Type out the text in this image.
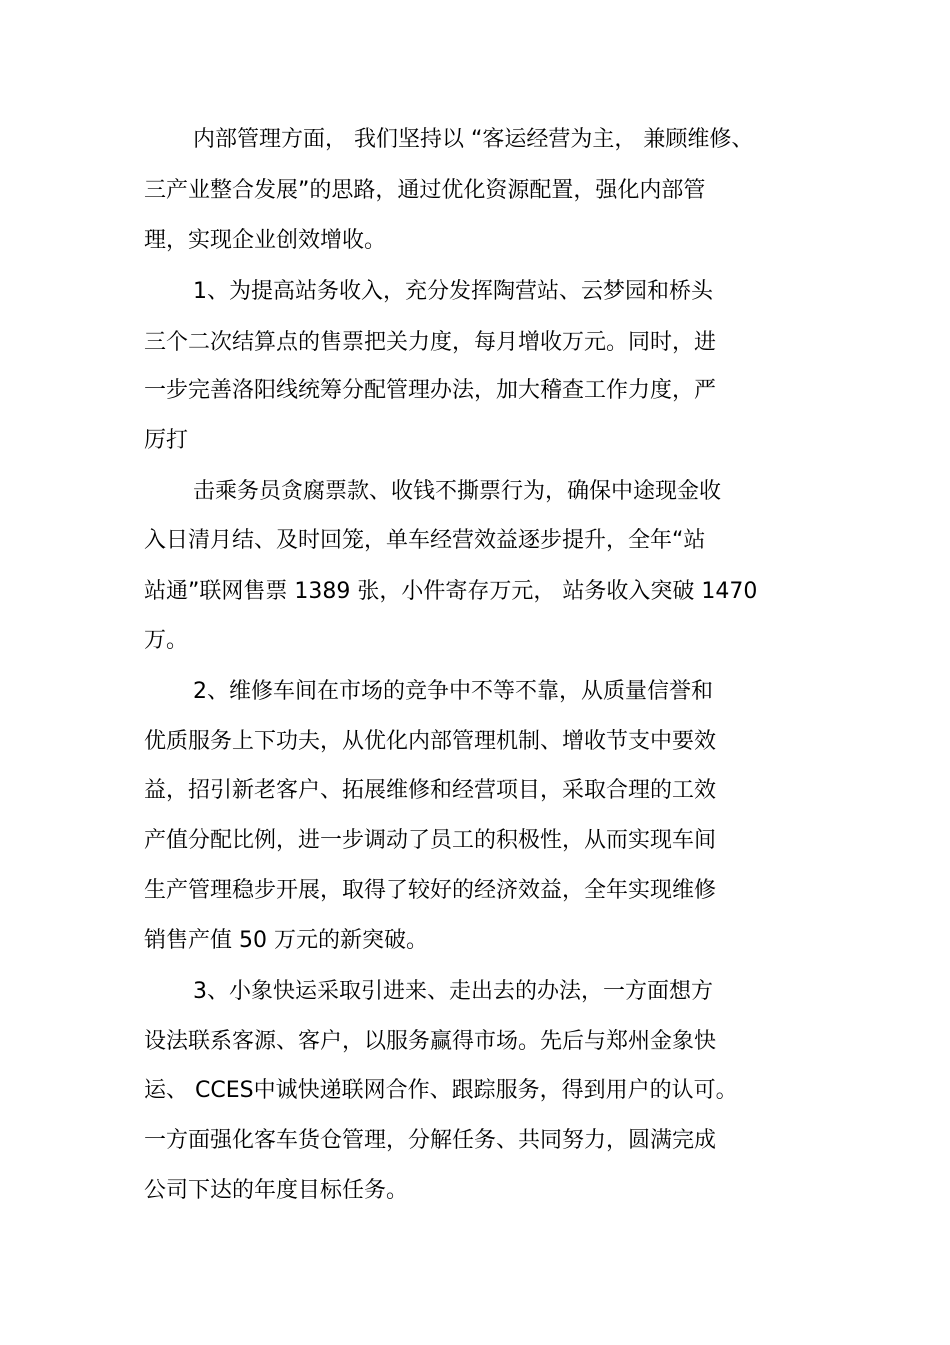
内部管理方面， 我们坚持以 “客运经营为主， 兼顾维修、
三产业整合发展”的思路，通过优化资源配置，强化内部管
理，实现企业创效增收。
1、为提高站务收入，充分发挥陶营站、云梦园和桥头
三个二次结算点的售票把关力度，每月增收万元。同时，进
一步完善洛阳线统筹分配管理办法，加大稽查工作力度，严
厉打
击乘务员贪腐票款、收钱不撕票行为，确保中途现金收
入日清月结、及时回笼，单车经营效益逐步提升，全年“站
站通”联网售票 1389 张，小件寄存万元， 站务收入突破 1470
万。
2、维修车间在市场的竞争中不等不靠，从质量信誉和
优质服务上下功夫，从优化内部管理机制、增收节支中要效
益，招引新老客户、拓展维修和经营项目，采取合理的工效
产值分配比例，进一步调动了员工的积极性，从而实现车间
生产管理稳步开展，取得了较好的经济效益，全年实现维修
销售产值 50 万元的新突破。
3、小象快运采取引进来、走出去的办法，一方面想方
设法联系客源、客户，以服务赢得市场。先后与郑州金象快
运、 CCES中诚快递联网合作、跟踪服务，得到用户的认可。
一方面强化客车货仓管理，分解任务、共同努力，圆满完成
公司下达的年度目标任务。
